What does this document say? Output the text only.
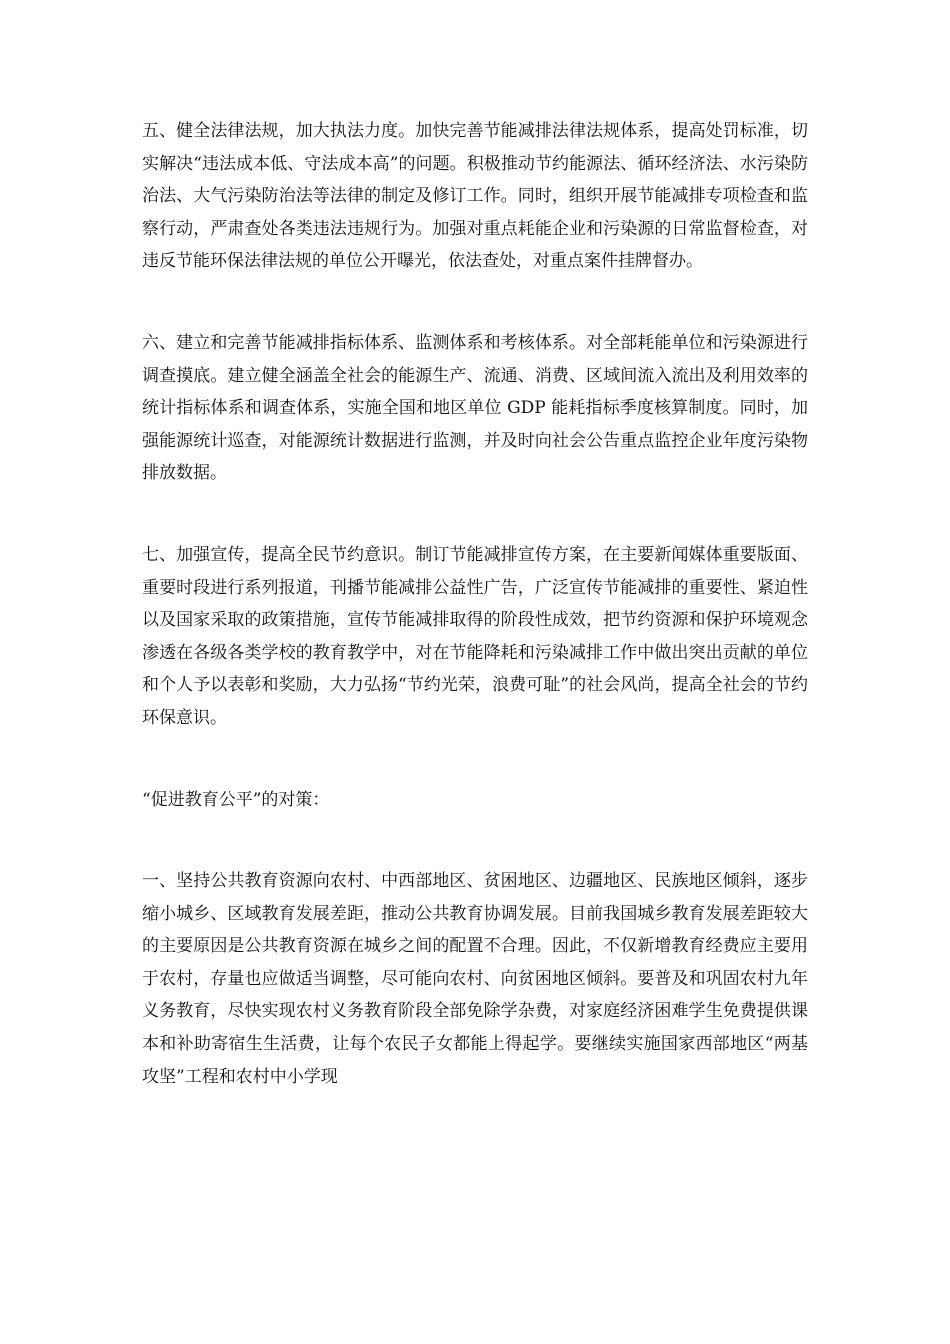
五、健全法律法规，加大执法力度。加快完善节能减排法律法规体系，提高处罚标准，切实解决“违法成本低、守法成本高”的问题。积极推动节约能源法、循环经济法、水污染防治法、大气污染防治法等法律的制定及修订工作。同时，组织开展节能减排专项检查和监察行动，严肃查处各类违法违规行为。加强对重点耗能企业和污染源的日常监督检查，对违反节能环保法律法规的单位公开曝光，依法查处，对重点案件挂牌督办。

六、建立和完善节能减排指标体系、监测体系和考核体系。对全部耗能单位和污染源进行调查摸底。建立健全涵盖全社会的能源生产、流通、消费、区域间流入流出及利用效率的统计指标体系和调查体系，实施全国和地区单位 GDP 能耗指标季度核算制度。同时，加强能源统计巡查，对能源统计数据进行监测，并及时向社会公告重点监控企业年度污染物排放数据。

七、加强宣传，提高全民节约意识。制订节能减排宣传方案，在主要新闻媒体重要版面、重要时段进行系列报道，刊播节能减排公益性广告，广泛宣传节能减排的重要性、紧迫性以及国家采取的政策措施，宣传节能减排取得的阶段性成效，把节约资源和保护环境观念渗透在各级各类学校的教育教学中，对在节能降耗和污染减排工作中做出突出贡献的单位和个人予以表彰和奖励，大力弘扬“节约光荣，浪费可耻”的社会风尚，提高全社会的节约环保意识。

“促进教育公平”的对策：

一、坚持公共教育资源向农村、中西部地区、贫困地区、边疆地区、民族地区倾斜，逐步缩小城乡、区域教育发展差距，推动公共教育协调发展。目前我国城乡教育发展差距较大的主要原因是公共教育资源在城乡之间的配置不合理。因此，不仅新增教育经费应主要用于农村，存量也应做适当调整，尽可能向农村、向贫困地区倾斜。要普及和巩固农村九年义务教育，尽快实现农村义务教育阶段全部免除学杂费，对家庭经济困难学生免费提供课本和补助寄宿生生活费，让每个农民子女都能上得起学。要继续实施国家西部地区“两基攻坚”工程和农村中小学现
